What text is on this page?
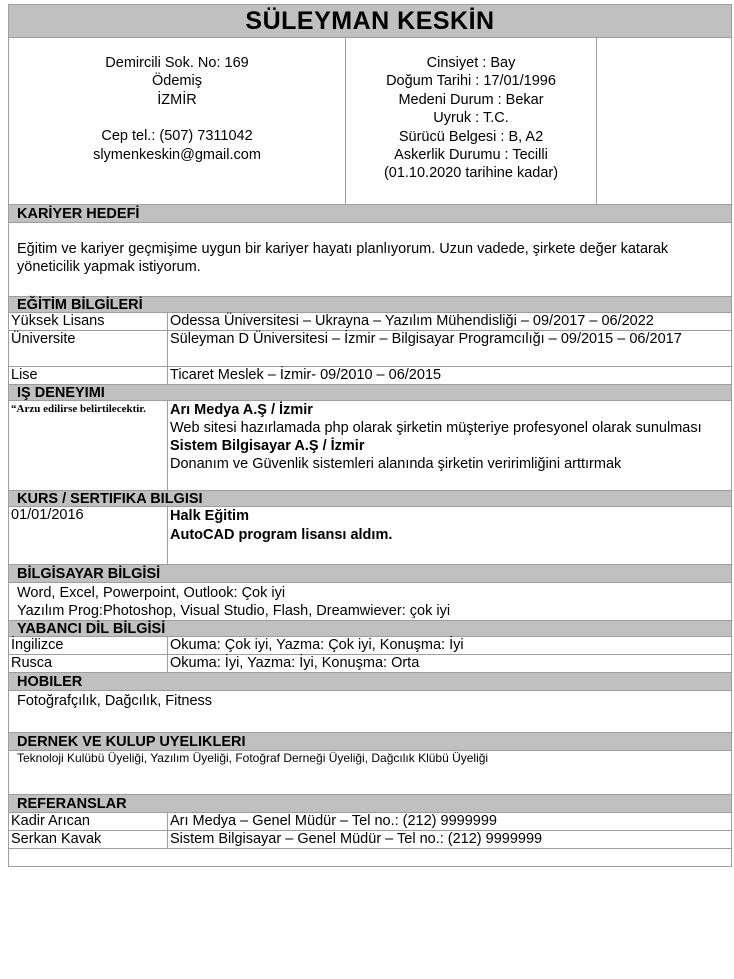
SÜLEYMAN KESKİN
Demircili Sok. No: 169
Ödemiş
İZMİR
Cep tel.: (507) 7311042
slymenkeskin@gmail.com
Cinsiyet : Bay
Doğum Tarihi : 17/01/1996
Medeni Durum : Bekar
Uyruk : T.C.
Sürücü Belgesi : B, A2
Askerlik Durumu : Tecilli
(01.10.2020 tarihine kadar)
KARİYER HEDEFİ
Eğitim ve kariyer geçmişime uygun bir kariyer hayatı planlıyorum. Uzun vadede, şirkete değer katarak yöneticilik yapmak istiyorum.
EĞİTİM BİLGİLERİ
Yüksek Lisans	Odessa Üniversitesi – Ukrayna – Yazılım Mühendisliği – 09/2017 – 06/2022
Üniversite	Süleyman D Üniversitesi – İzmir – Bilgisayar Programcılığı – 09/2015 – 06/2017
Lise	Ticaret Meslek – İzmir- 09/2010 – 06/2015
IŞ DENEYIMI
“Arzu edilirse belirtilecektir.	Arı Medya A.Ş / İzmir
Web sitesi hazırlamada php olarak şirketin müşteriye profesyonel olarak sunulması
Sistem Bilgisayar A.Ş / İzmir
Donanım ve Güvenlik sistemleri alanında şirketin veririmliğini arttırmak
KURS / SERTIFIKA BILGISI
01/01/2016	Halk Eğitim
AutoCAD program lisansı aldım.
BİLGİSAYAR BİLGİSİ
Word, Excel, Powerpoint, Outlook: Çok iyi
Yazılım Prog:Photoshop, Visual Studio, Flash, Dreamwiever: çok iyi
YABANCI DİL BİLGİSİ
İngilizce	Okuma: Çok iyi, Yazma: Çok iyi, Konuşma: İyi
Rusca	Okuma: İyi, Yazma: İyi, Konuşma: Orta
HOBILER
Fotoğrafçılık, Dağcılık, Fitness
DERNEK VE KULUP UYELIKLERI
Teknoloji Kulübü Üyeliği, Yazılım Üyeliği, Fotoğraf Derneği Üyeliği, Dağcılık Klübü Üyeliği
REFERANSLAR
Kadir Arıcan	Arı Medya – Genel Müdür – Tel no.: (212) 9999999
Serkan Kavak	Sistem Bilgisayar – Genel Müdür – Tel no.: (212) 9999999
